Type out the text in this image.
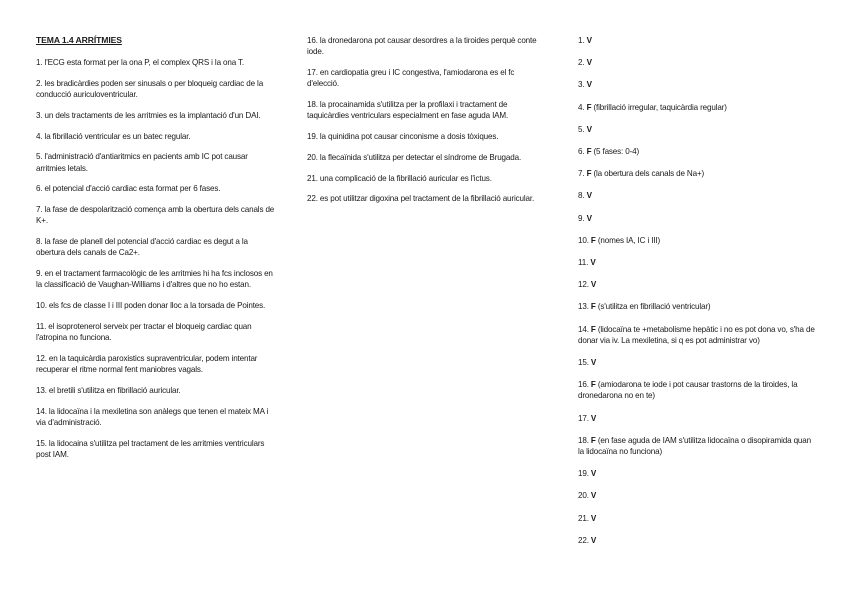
TEMA 1.4 ARRÍTMIES
1. l'ECG esta format per la ona P, el complex QRS i la ona T.
2. les bradicàrdies poden ser sinusals o per bloqueig cardiac de la conducció auriculoventricular.
3. un dels tractaments de les arritmies es la implantació d'un DAI.
4. la fibrillació ventricular es un batec regular.
5. l'administració d'antiaritmics en pacients amb IC pot causar arritmies letals.
6. el potencial d'acció cardiac esta format per 6 fases.
7. la fase de despolarització comença amb la obertura dels canals de K+.
8. la fase de planell del potencial d'acció cardiac es degut a la obertura dels canals de Ca2+.
9. en el tractament farmacològic de les arritmies hi ha fcs inclosos en la classificació de Vaughan-Williams i d'altres que no ho estan.
10. els fcs de classe I i III poden donar lloc a la torsada de Pointes.
11. el isoprotenerol serveix per tractar el bloqueig cardiac quan l'atropina no funciona.
12. en la taquicàrdia paroxistics supraventricular, podem intentar recuperar el ritme normal fent maniobres vagals.
13. el bretili s'utilitza en fibrillació auricular.
14. la lidocaïna i la mexiletina son anàlegs que tenen el mateix MA i via d'administració.
15. la lidocaina s'utilitza pel tractament de les arritmies ventriculars post IAM.
16. la dronedarona pot causar desordres a la tiroides perquè conte iode.
17. en cardiopatia greu i IC congestiva, l'amiodarona es el fc d'elecció.
18. la procainamida s'utilitza per la profilaxi i tractament de taquicàrdies ventriculars especialment en fase aguda IAM.
19. la quinidina pot causar cinconisme a dosis tòxiques.
20. la flecaïnida s'utilitza per detectar el síndrome de Brugada.
21. una complicació de la fibrillació auricular es l'ictus.
22. es pot utilitzar digoxina pel tractament de la fibrillació auricular.
1. V
2. V
3. V
4. F (fibrillació irregular, taquicàrdia regular)
5. V
6. F (5 fases: 0-4)
7. F (la obertura dels canals de Na+)
8. V
9. V
10. F (nomes IA, IC i III)
11. V
12. V
13. F (s'utilitza en fibrillació ventricular)
14. F (lidocaïna te +metabolisme hepàtic i no es pot dona vo, s'ha de donar via iv. La mexiletina, si q es pot administrar vo)
15. V
16. F (amiodarona te iode i pot causar trastorns de la tiroides, la dronedarona no en te)
17. V
18. F (en fase aguda de IAM s'utilitza lidocaïna o disopiramida quan la lidocaïna no funciona)
19. V
20. V
21. V
22. V
